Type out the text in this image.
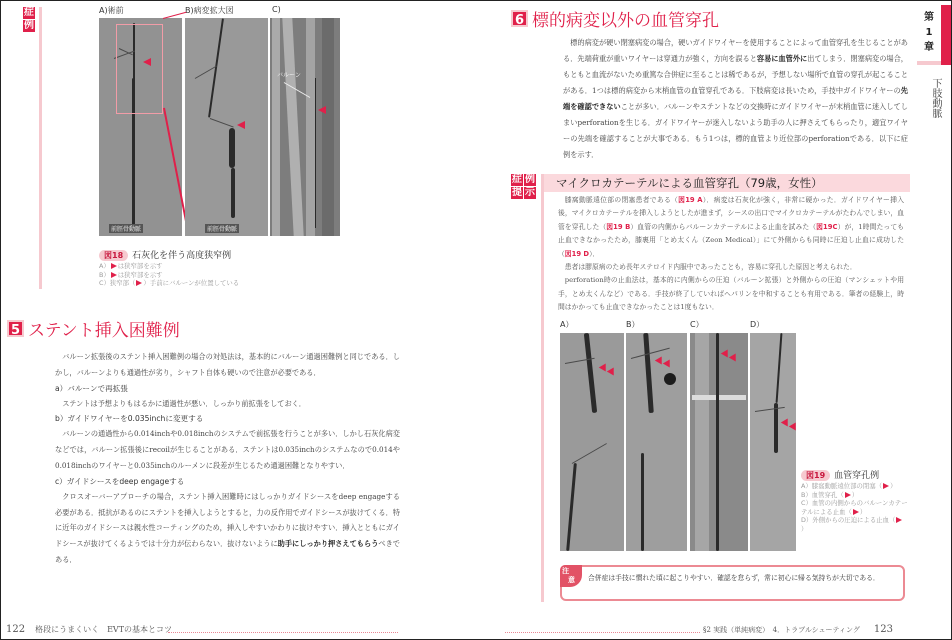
症
例
A)術前	B)病変拡大図	C)
前脛骨動脈	前脛骨動脈
バルーン
図18 石灰化を伴う高度狭窄例
A） は狭窄部を示す
B） は狭窄部を示す
C）狭窄部（ ）手前にバルーンが位置している
5 ステント挿入困難例

バルーン拡張後のステント挿入困難例の場合の対処法は，基本的にバルーン通過困難例と同じである．しかし，バルーンよりも通過性が劣り，シャフト自体も硬いので注意が必要である．

a）バルーンで再拡張

ステントは予想よりもはるかに通過性が悪い．しっかり前拡張をしておく．

b）ガイドワイヤーを0.035inchに変更する

バルーンの通過性から0.014inchや0.018inchのシステムで前拡張を行うことが多い．しかし石灰化病変などでは，バルーン拡張後にrecoilが生じることがある．ステントは0.035inchのシステムなので0.014や0.018inchのワイヤーと0.035inchのルーメンに段差が生じるため通過困難となりやすい．

c）ガイドシースをdeep engageする

クロスオーバーアプローチの場合，ステント挿入困難時にはしっかりガイドシースをdeep engageする必要がある．抵抗があるのにステントを挿入しようとすると，力の反作用でガイドシースが抜けてくる．特に近年のガイドシースは親水性コーティングのため，挿入しやすいかわりに抜けやすい．挿入とともにガイドシースが抜けてくるようでは十分力が伝わらない．抜けないように助手にしっかり押さえてもらうべきである．

122 格段にうまくいく　EVTの基本とコツ
6 標的病変以外の血管穿孔

標的病変が硬い閉塞病変の場合，硬いガイドワイヤーを使用することによって血管穿孔を生じることがある．先端荷重が重いワイヤーは穿通力が強く，方向を誤ると容易に血管外に出てしまう．閉塞病変の場合，もともと血流がないため重篤な合併症に至ることは稀であるが，予想しない場所で血管の穿孔が起こることがある．1つは標的病変から末梢血管の血管穿孔である．下肢病変は長いため，手技中ガイドワイヤーの先端を確認できないことが多い．バルーンやステントなどの交換時にガイドワイヤーが末梢血管に迷入してしまいperforationを生じる．ガイドワイヤーが迷入しないよう助手の人に押さえてもらったり，適宜ワイヤーの先端を確認することが大事である．もう1つは，標的血管より近位部のperforationである．以下に症例を示す．

症 例
提 示
マイクロカテーテルによる血管穿孔（79歳，女性）

膝窩動脈遠位部の閉塞患者である（図19 A）．病変は石灰化が強く，非常に硬かった．ガイドワイヤー挿入後，マイクロカテーテルを挿入しようとしたが進まず，シースの出口でマイクロカテーテルがたわんでしまい，血管を穿孔した（図19 B）血管の内側からバルーンカテーテルによる止血を試みた（図19C）が，1時間たっても止血できなかったため，膝裏用「とめ太くん（Zeon Medical）」にて外側からも同時に圧迫し止血に成功した（図19 D）．

患者は膠原病のため長年ステロイド内服中であったことも，容易に穿孔した原因と考えられた．

perforation時の止血法は，基本的に内側からの圧迫（バルーン拡張）と外側からの圧迫（マンシェットや用手，とめ太くんなど）である．手技が終了していればヘパリンを中和することも有用である．筆者の経験上，時間はかかっても止血できなかったことは1度もない．

A）	B）	C）	D）
図19 血管穿孔例
A）膝窩動脈遠位部の閉塞（ ）
B）血管穿孔（ ）
C）血管の内側からのバルーンカテーテルによる止血（ ）
D）外側からの圧迫による止血（）
注
意	合併症は手技に慣れた頃に起こりやすい．確認を怠らず，常に初心に帰る気持ちが大切である．
第
1
章
下肢動脈
§2 実践（単純病変）　4．トラブルシューティング 123
